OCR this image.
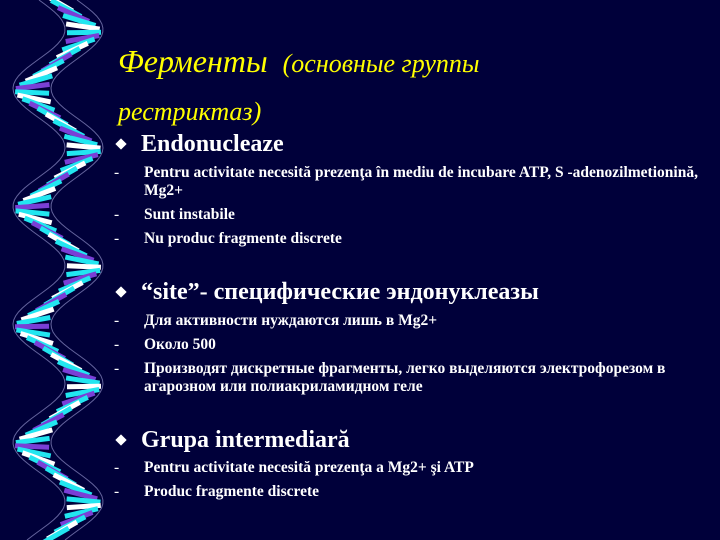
Ферменты (основные группы
рестриктаз)
Endonucleaze
-	Pentru activitate necesită prezenţa în mediu de incubare ATP, S -adenozilmetionină, Mg2+
-	Sunt instabile
-	Nu produc fragmente discrete
“site”- специфические эндонуклеазы
-	Для активности нуждаются лишь в Mg2+
-	Около 500
-	Производят дискретные фрагменты, легко выделяются электрофорезом в агарозном или полиакриламидном геле
Grupa intermediară
-	Pentru activitate necesită prezenţa a Mg2+ şi ATP
-	Produc fragmente discrete
